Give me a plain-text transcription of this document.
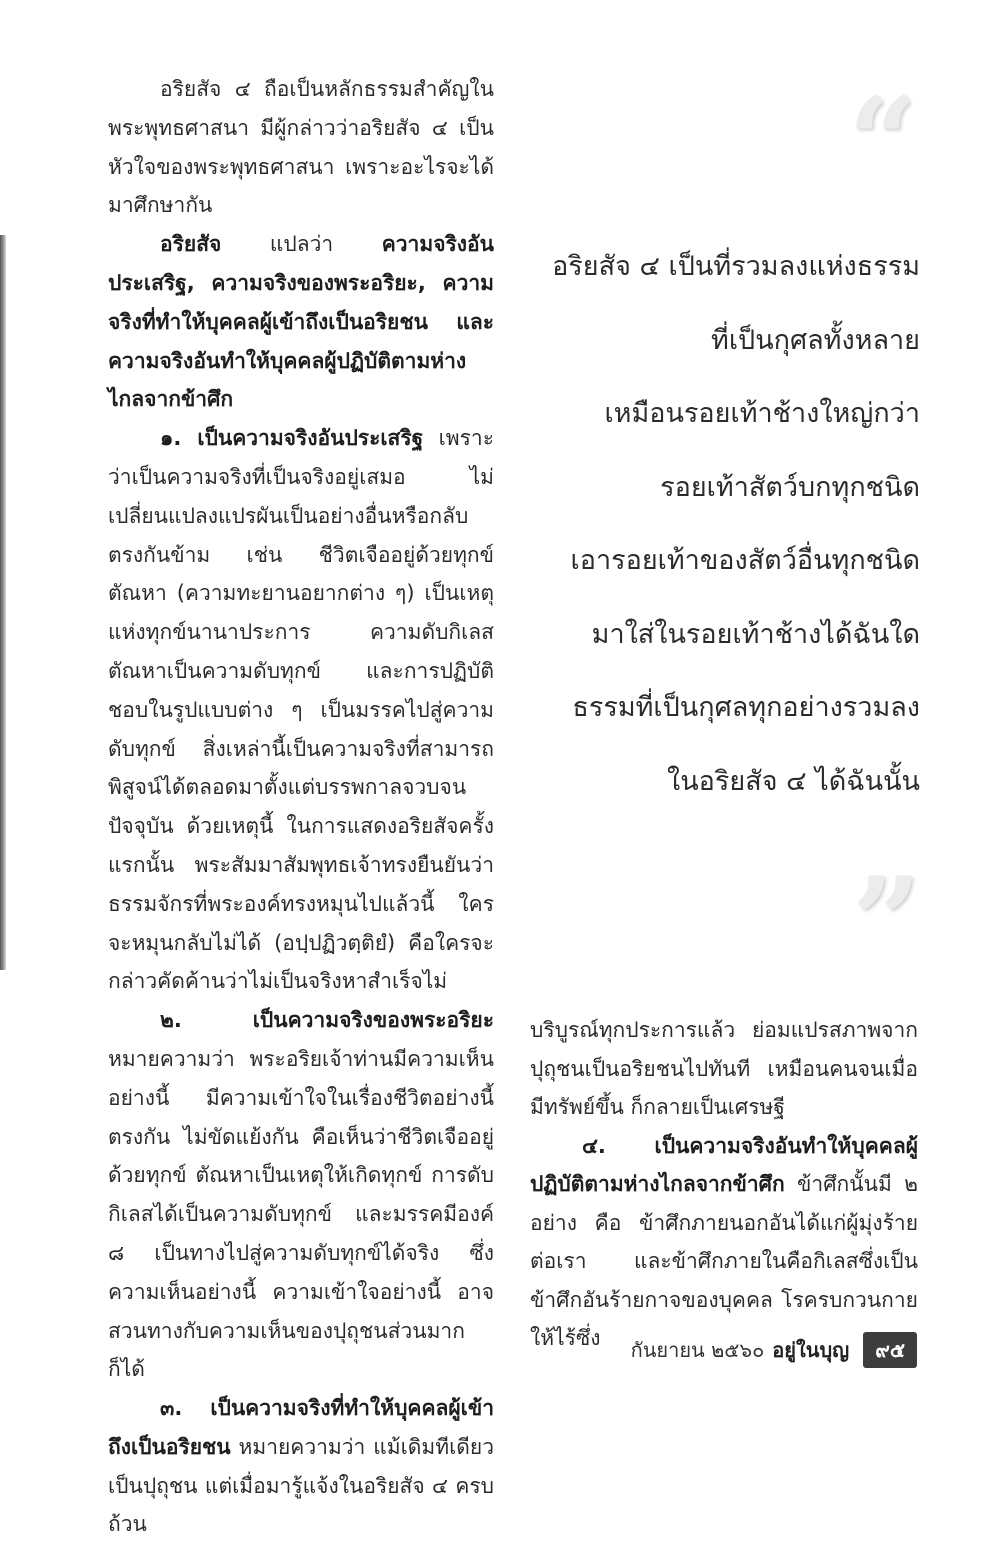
อริยสัจ ๔ ถือเป็นหลักธรรมสำคัญในพระพุทธศาสนา มีผู้กล่าวว่าอริยสัจ ๔ เป็นหัวใจของพระพุทธศาสนา เพราะอะไรจะได้มาศึกษากัน

อริยสัจ แปลว่า ความจริงอันประเสริฐ, ความจริงของพระอริยะ, ความจริงที่ทำให้บุคคลผู้เข้าถึงเป็นอริยชน และความจริงอันทำให้บุคคลผู้ปฏิบัติตามห่างไกลจากข้าศึก

๑. เป็นความจริงอันประเสริฐ เพราะว่าเป็นความจริงที่เป็นจริงอยู่เสมอ ไม่เปลี่ยนแปลงแปรผันเป็นอย่างอื่นหรือกลับตรงกันข้าม เช่น ชีวิตเจืออยู่ด้วยทุกข์ ตัณหา (ความทะยานอยากต่าง ๆ) เป็นเหตุแห่งทุกข์นานาประการ ความดับกิเลสตัณหาเป็นความดับทุกข์ และการปฏิบัติชอบในรูปแบบต่าง ๆ เป็นมรรคไปสู่ความดับทุกข์ สิ่งเหล่านี้เป็นความจริงที่สามารถพิสูจน์ได้ตลอดมาตั้งแต่บรรพกาลจวบจนปัจจุบัน ด้วยเหตุนี้ ในการแสดงอริยสัจครั้งแรกนั้น พระสัมมาสัมพุทธเจ้าทรงยืนยันว่า ธรรมจักรที่พระองค์ทรงหมุนไปแล้วนี้ ใครจะหมุนกลับไม่ได้ (อปฺปฏิวตฺติยํ) คือใครจะกล่าวคัดค้านว่าไม่เป็นจริงหาสำเร็จไม่

๒. เป็นความจริงของพระอริยะ หมายความว่า พระอริยเจ้าท่านมีความเห็นอย่างนี้ มีความเข้าใจในเรื่องชีวิตอย่างนี้ตรงกัน ไม่ขัดแย้งกัน คือเห็นว่าชีวิตเจืออยู่ด้วยทุกข์ ตัณหาเป็นเหตุให้เกิดทุกข์ การดับกิเลสได้เป็นความดับทุกข์ และมรรคมีองค์ ๘ เป็นทางไปสู่ความดับทุกข์ได้จริง ซึ่งความเห็นอย่างนี้ ความเข้าใจอย่างนี้ อาจสวนทางกับความเห็นของปุถุชนส่วนมากก็ได้

๓. เป็นความจริงที่ทำให้บุคคลผู้เข้าถึงเป็นอริยชน หมายความว่า แม้เดิมทีเดียวเป็นปุถุชน แต่เมื่อมารู้แจ้งในอริยสัจ ๔ ครบถ้วน

“
อริยสัจ ๔ เป็นที่รวมลงแห่งธรรม
ที่เป็นกุศลทั้งหลาย
เหมือนรอยเท้าช้างใหญ่กว่า
รอยเท้าสัตว์บกทุกชนิด
เอารอยเท้าของสัตว์อื่นทุกชนิด
มาใส่ในรอยเท้าช้างได้ฉันใด
ธรรมที่เป็นกุศลทุกอย่างรวมลง
ในอริยสัจ ๔ ได้ฉันนั้น
”

บริบูรณ์ทุกประการแล้ว ย่อมแปรสภาพจากปุถุชนเป็นอริยชนไปทันที เหมือนคนจนเมื่อมีทรัพย์ขึ้น ก็กลายเป็นเศรษฐี

๔. เป็นความจริงอันทำให้บุคคลผู้ปฏิบัติตามห่างไกลจากข้าศึก ข้าศึกนั้นมี ๒ อย่าง คือ ข้าศึกภายนอกอันได้แก่ผู้มุ่งร้ายต่อเรา และข้าศึกภายในคือกิเลสซึ่งเป็นข้าศึกอันร้ายกาจของบุคคล โรครบกวนกายให้ไร้ซึ่ง	กันยายน ๒๕๖๐ อยู่ในบุญ	๙๕
